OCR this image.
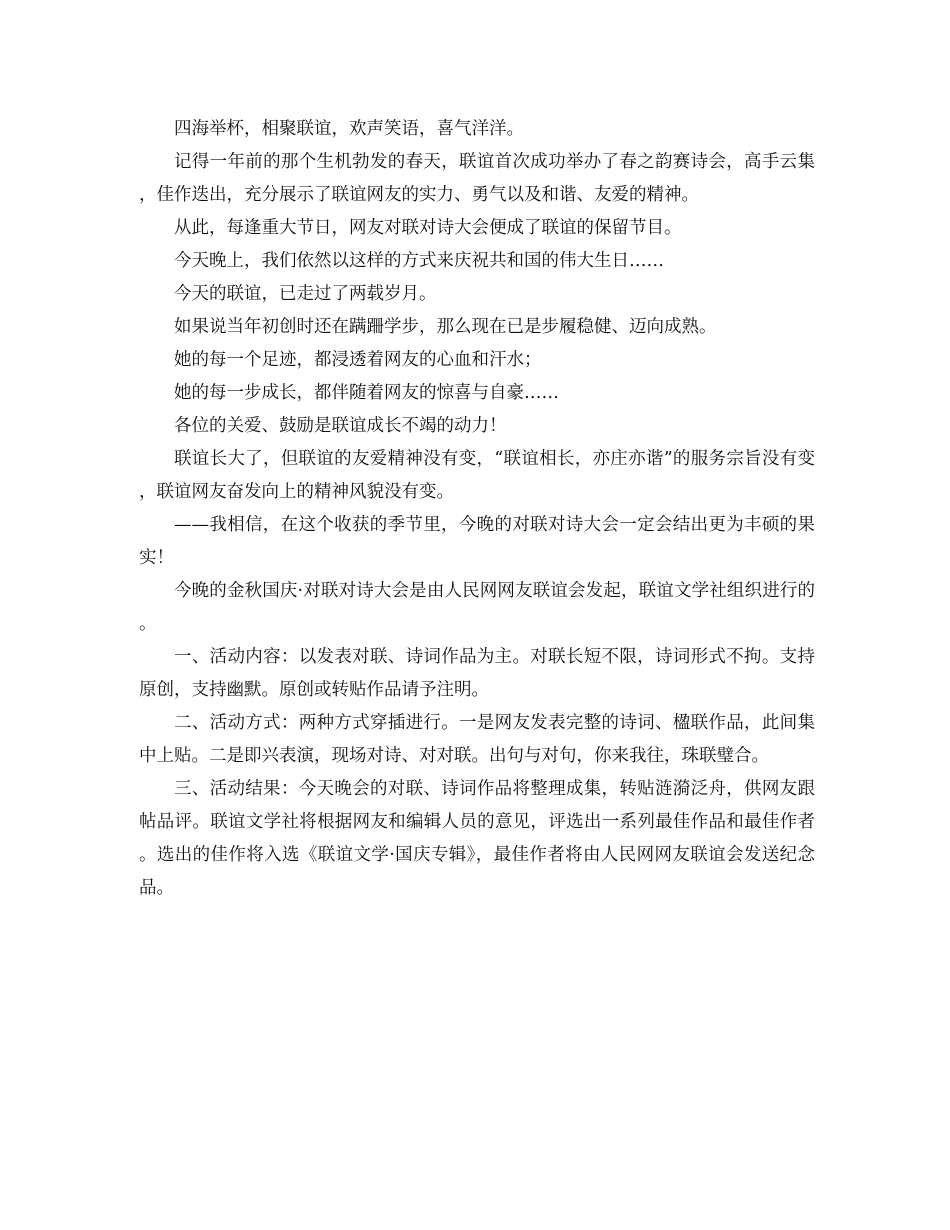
四海举杯，相聚联谊，欢声笑语，喜气洋洋。

记得一年前的那个生机勃发的春天，联谊首次成功举办了春之韵赛诗会，高手云集，佳作迭出，充分展示了联谊网友的实力、勇气以及和谐、友爱的精神。

从此，每逢重大节日，网友对联对诗大会便成了联谊的保留节目。

今天晚上，我们依然以这样的方式来庆祝共和国的伟大生日……

今天的联谊，已走过了两载岁月。

如果说当年初创时还在蹒跚学步，那么现在已是步履稳健、迈向成熟。

她的每一个足迹，都浸透着网友的心血和汗水；

她的每一步成长，都伴随着网友的惊喜与自豪……

各位的关爱、鼓励是联谊成长不竭的动力！

联谊长大了，但联谊的友爱精神没有变，“联谊相长，亦庄亦谐”的服务宗旨没有变，联谊网友奋发向上的精神风貌没有变。

——我相信，在这个收获的季节里，今晚的对联对诗大会一定会结出更为丰硕的果实！

今晚的金秋国庆·对联对诗大会是由人民网网友联谊会发起，联谊文学社组织进行的。

一、活动内容：以发表对联、诗词作品为主。对联长短不限，诗词形式不拘。支持原创，支持幽默。原创或转贴作品请予注明。

二、活动方式：两种方式穿插进行。一是网友发表完整的诗词、楹联作品，此间集中上贴。二是即兴表演，现场对诗、对对联。出句与对句，你来我往，珠联璧合。

三、活动结果：今天晚会的对联、诗词作品将整理成集，转贴涟漪泛舟，供网友跟帖品评。联谊文学社将根据网友和编辑人员的意见，评选出一系列最佳作品和最佳作者。选出的佳作将入选《联谊文学·国庆专辑》，最佳作者将由人民网网友联谊会发送纪念品。
